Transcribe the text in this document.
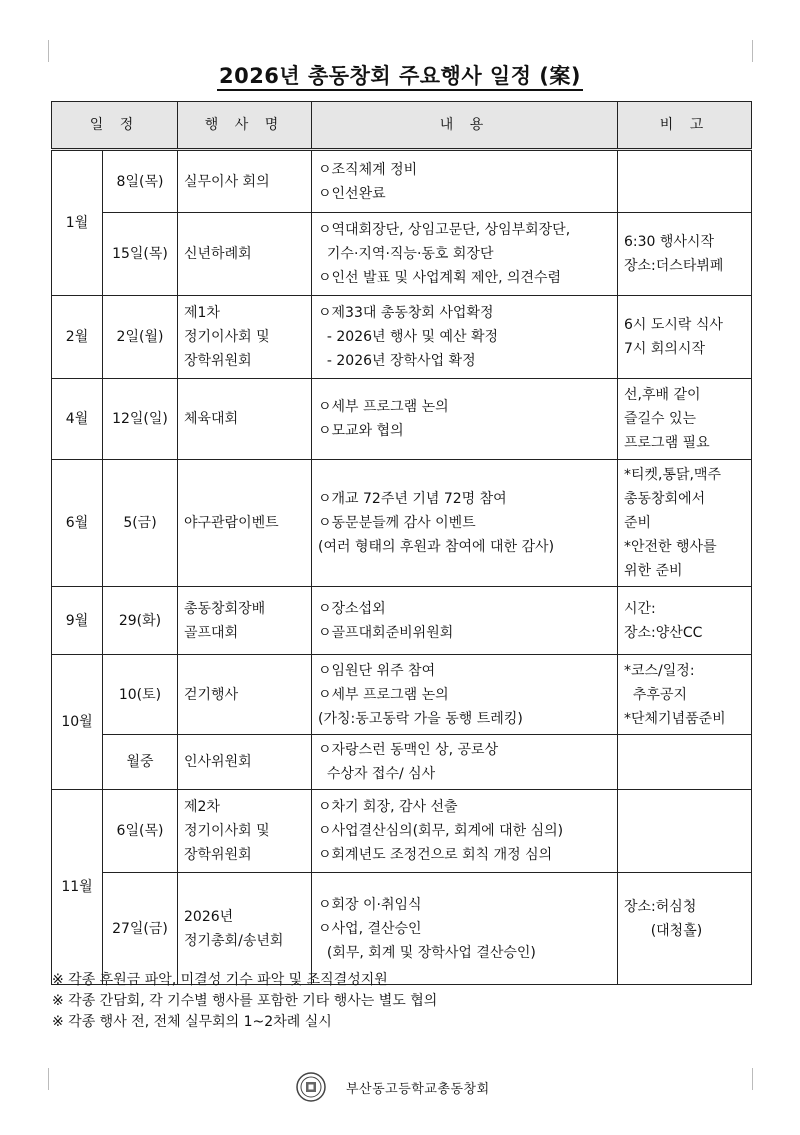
2026년 총동창회 주요행사 일정 (案)
일 정		행 사 명	내 용	비 고
1월	8일(목)	실무이사 회의	ㅇ조직체계 정비
ㅇ인선완료	

	15일(목)	신년하례회	ㅇ역대회장단, 상임고문단, 상임부회장단,
기수·지역·직능·동호 회장단
ㅇ인선 발표 및 사업계획 제안, 의견수렴	6:30 행사시작
장소:더스타뷔페

2월	2일(월)	제1차
정기이사회 및
장학위원회	ㅇ제33대 총동창회 사업확정
- 2026년 행사 및 예산 확정
- 2026년 장학사업 확정	6시 도시락 식사
7시 회의시작

4월	12일(일)	체육대회	ㅇ세부 프로그램 논의
ㅇ모교와 협의	선,후배 같이
즐길수 있는
프로그램 필요

6월	5(금)	야구관람이벤트	ㅇ개교 72주년 기념 72명 참여
ㅇ동문분들께 감사 이벤트
(여러 형태의 후원과 참여에 대한 감사)	*티켓,통닭,맥주
총동창회에서
준비
*안전한 행사를
위한 준비

9월	29(화)	총동창회장배
골프대회	ㅇ장소섭외
ㅇ골프대회준비위원회	시간:
장소:양산CC

10월	10(토)	걷기행사	ㅇ임원단 위주 참여
ㅇ세부 프로그램 논의
(가칭:동고동락 가을 동행 트레킹)	*코스/일정:
추후공지
*단체기념품준비

	월중	인사위원회	ㅇ자랑스런 동맥인 상, 공로상
수상자 접수/ 심사	

11월	6일(목)	제2차
정기이사회 및
장학위원회	ㅇ차기 회장, 감사 선출
ㅇ사업결산심의(회무, 회계에 대한 심의)
ㅇ회계년도 조정건으로 회칙 개정 심의	

	27일(금)	2026년
정기총회/송년회	ㅇ회장 이·취임식
ㅇ사업, 결산승인
(회무, 회계 및 장학사업 결산승인)	장소:허심청
(대청홀)
※ 각종 후원금 파악, 미결성 기수 파악 및 조직결성지원
※ 각종 간담회, 각 기수별 행사를 포함한 기타 행사는 별도 협의
※ 각종 행사 전, 전체 실무회의 1~2차례 실시
부산동고등학교총동창회
